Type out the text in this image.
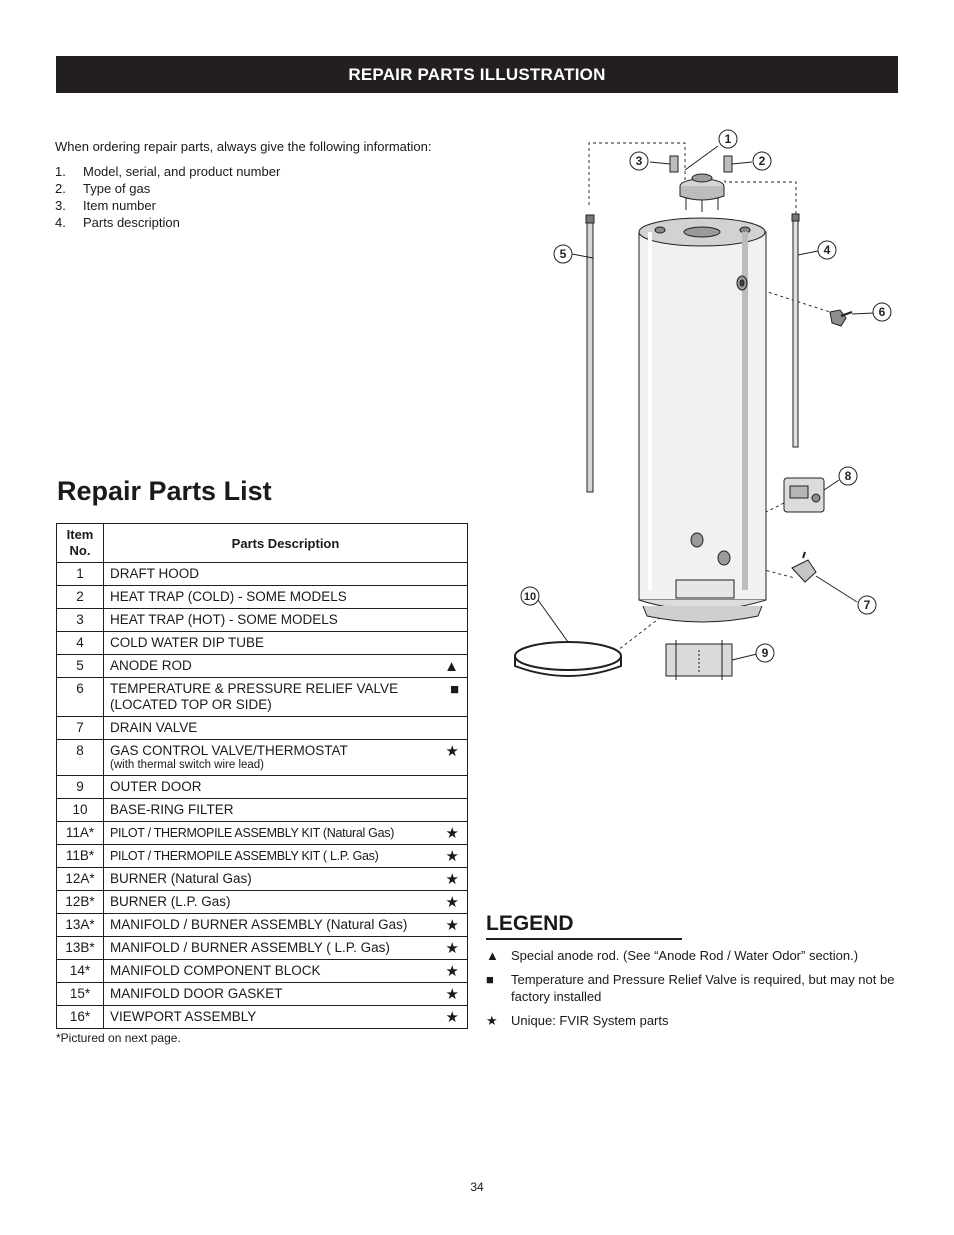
REPAIR PARTS ILLUSTRATION
When ordering repair parts, always give the following information:
1.	Model, serial, and product number
2.	Type of gas
3.	Item number
4.	Parts description
1
2
3
4
5
6
7
8
9
10
Repair Parts List
Item No.	Parts Description
1	DRAFT HOOD
2	HEAT TRAP (COLD) - SOME MODELS
3	HEAT TRAP (HOT) - SOME MODELS
4	COLD WATER DIP TUBE
5	ANODE ROD ▲

6	TEMPERATURE & PRESSURE RELIEF VALVE
(LOCATED TOP OR SIDE)
■

7	DRAIN VALVE
8	GAS CONTROL VALVE/THERMOSTAT
(with thermal switch wire lead)
★

9	OUTER DOOR
10	BASE-RING FILTER
11A*	PILOT / THERMOPILE ASSEMBLY KIT (Natural Gas) ★

11B*	PILOT / THERMOPILE ASSEMBLY KIT ( L.P. Gas) ★

12A*	BURNER (Natural Gas) ★

12B*	BURNER (L.P. Gas) ★

13A*	MANIFOLD / BURNER ASSEMBLY (Natural Gas) ★

13B*	MANIFOLD / BURNER ASSEMBLY ( L.P. Gas) ★

14*	MANIFOLD COMPONENT BLOCK ★

15*	MANIFOLD DOOR GASKET ★

16*	VIEWPORT ASSEMBLY ★
*Pictured on next page.
LEGEND
▲ Special anode rod. (See “Anode Rod / Water Odor” section.)
■	Temperature and Pressure Relief Valve is required, but may not be factory installed
★	Unique: FVIR System parts
34
